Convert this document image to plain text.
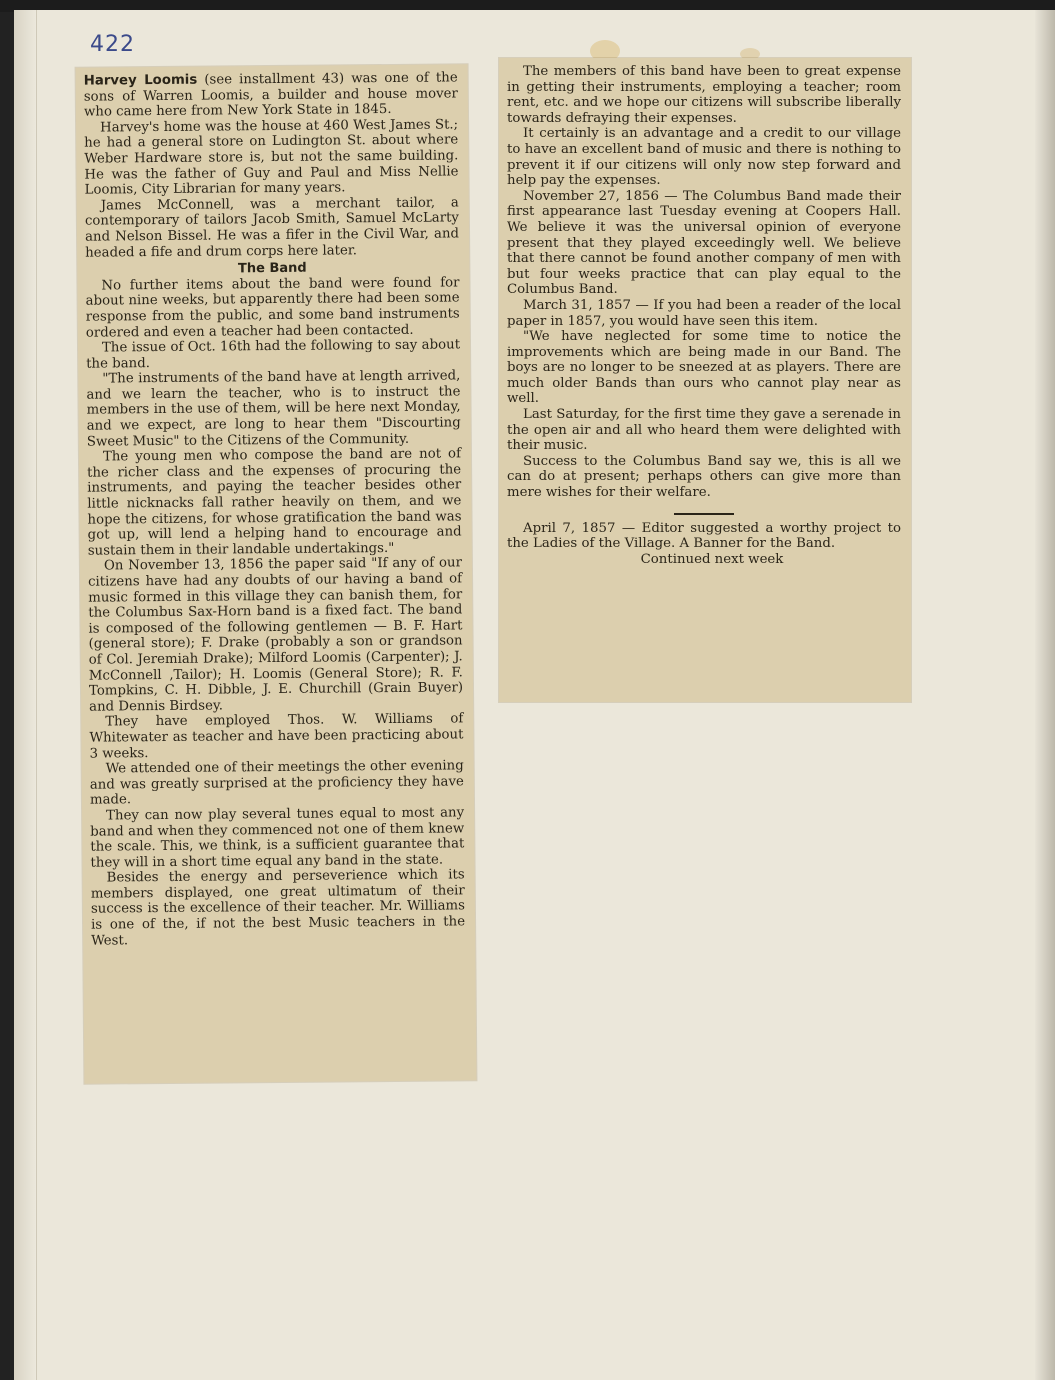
422

Harvey Loomis (see installment 43) was one of the sons of Warren Loomis, a builder and house mover who came here from New York State in 1845.

Harvey's home was the house at 460 West James St.; he had a general store on Ludington St. about where Weber Hardware store is, but not the same building. He was the father of Guy and Paul and Miss Nellie Loomis, City Librarian for many years.

James McConnell, was a merchant tailor, a contemporary of tailors Jacob Smith, Samuel McLarty and Nelson Bissel. He was a fifer in the Civil War, and headed a fife and drum corps here later.

The Band

No further items about the band were found for about nine weeks, but apparently there had been some response from the public, and some band instruments ordered and even a teacher had been contacted.

The issue of Oct. 16th had the following to say about the band.

"The instruments of the band have at length arrived, and we learn the teacher, who is to instruct the members in the use of them, will be here next Monday, and we expect, are long to hear them "Discourting Sweet Music" to the Citizens of the Community.

The young men who compose the band are not of the richer class and the expenses of procuring the instruments, and paying the teacher besides other little nicknacks fall rather heavily on them, and we hope the citizens, for whose gratification the band was got up, will lend a helping hand to encourage and sustain them in their landable undertakings."

On November 13, 1856 the paper said "If any of our citizens have had any doubts of our having a band of music formed in this village they can banish them, for the Columbus Sax-Horn band is a fixed fact. The band is composed of the following gentlemen — B. F. Hart (general store); F. Drake (probably a son or grandson of Col. Jeremiah Drake); Milford Loomis (Carpenter); J. McConnell ,Tailor); H. Loomis (General Store); R. F. Tompkins, C. H. Dibble, J. E. Churchill (Grain Buyer) and Dennis Birdsey.

They have employed Thos. W. Williams of Whitewater as teacher and have been practicing about 3 weeks.

We attended one of their meetings the other evening and was greatly surprised at the proficiency they have made.

They can now play several tunes equal to most any band and when they commenced not one of them knew the scale. This, we think, is a sufficient guarantee that they will in a short time equal any band in the state.

Besides the energy and perseverience which its members displayed, one great ultimatum of their success is the excellence of their teacher. Mr. Williams is one of the, if not the best Music teachers in the West.

The members of this band have been to great expense in getting their instruments, employing a teacher; room rent, etc. and we hope our citizens will subscribe liberally towards defraying their expenses.

It certainly is an advantage and a credit to our village to have an excellent band of music and there is nothing to prevent it if our citizens will only now step forward and help pay the expenses.

November 27, 1856 — The Columbus Band made their first appearance last Tuesday evening at Coopers Hall. We believe it was the universal opinion of everyone present that they played exceedingly well. We believe that there cannot be found another company of men with but four weeks practice that can play equal to the Columbus Band.

March 31, 1857 — If you had been a reader of the local paper in 1857, you would have seen this item.

"We have neglected for some time to notice the improvements which are being made in our Band. The boys are no longer to be sneezed at as players. There are much older Bands than ours who cannot play near as well.

Last Saturday, for the first time they gave a serenade in the open air and all who heard them were delighted with their music.

Success to the Columbus Band say we, this is all we can do at present; perhaps others can give more than mere wishes for their welfare.

April 7, 1857 — Editor suggested a worthy project to the Ladies of the Village. A Banner for the Band.

Continued next week
